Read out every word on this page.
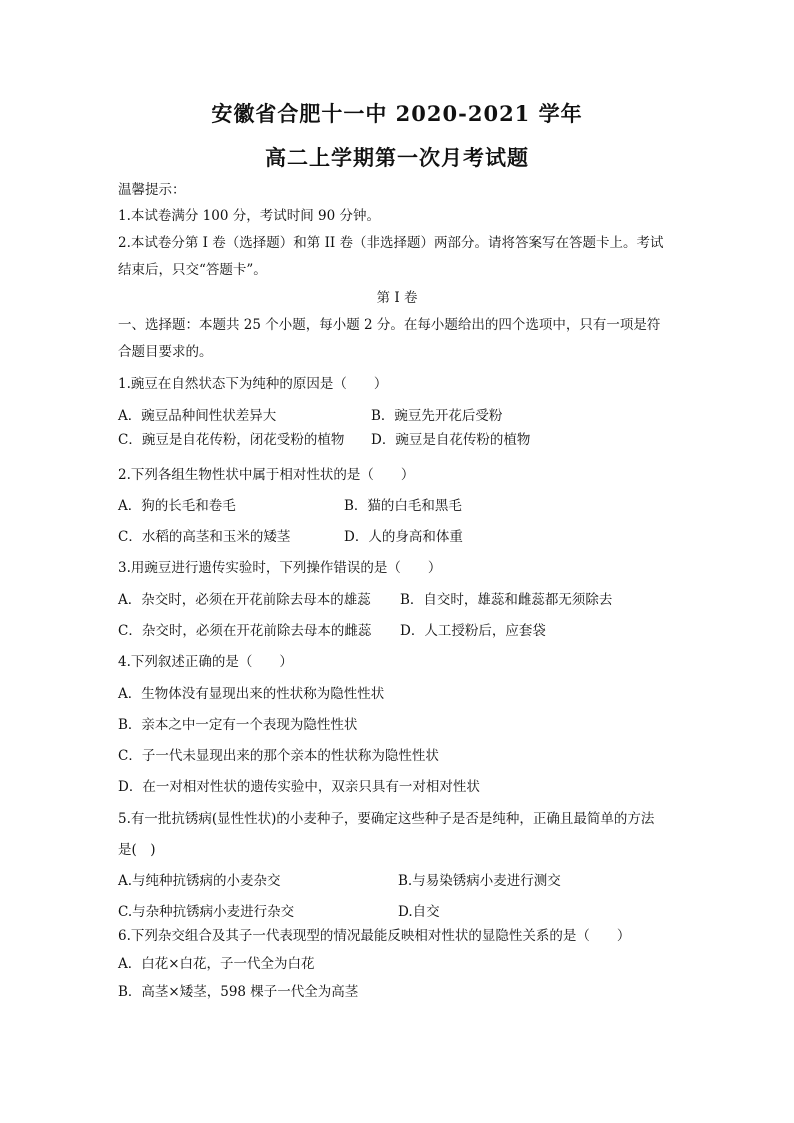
安徽省合肥十一中 2020-2021 学年
高二上学期第一次月考试题
温馨提示：
1.本试卷满分 100 分，考试时间 90 分钟。
2.本试卷分第 I 卷（选择题）和第 II 卷（非选择题）两部分。请将答案写在答题卡上。考试
结束后，只交“答题卡”。
第 I 卷
一、选择题：本题共 25 个小题，每小题 2 分。在每小题给出的四个选项中，只有一项是符
合题目要求的。
1.豌豆在自然状态下为纯种的原因是（　　）
A．豌豆品种间性状差异大	B．豌豆先开花后受粉
C．豌豆是自花传粉，闭花受粉的植物 D．豌豆是自花传粉的植物
2.下列各组生物性状中属于相对性状的是（　　）
A．狗的长毛和卷毛	B．猫的白毛和黑毛
C．水稻的高茎和玉米的矮茎	D．人的身高和体重
3.用豌豆进行遗传实验时，下列操作错误的是（　　）
A．杂交时，必须在开花前除去母本的雄蕊 B．自交时，雄蕊和雌蕊都无须除去
C．杂交时，必须在开花前除去母本的雌蕊 D．人工授粉后，应套袋
4.下列叙述正确的是（　　）
A．生物体没有显现出来的性状称为隐性性状
B．亲本之中一定有一个表现为隐性性状
C．子一代未显现出来的那个亲本的性状称为隐性性状
D．在一对相对性状的遗传实验中，双亲只具有一对相对性状
5.有一批抗锈病(显性性状)的小麦种子，要确定这些种子是否是纯种，正确且最简单的方法
是(　)
A.与纯种抗锈病的小麦杂交	B.与易染锈病小麦进行测交
C.与杂种抗锈病小麦进行杂交	D.自交
6.下列杂交组合及其子一代表现型的情况最能反映相对性状的显隐性关系的是（　　）
A．白花×白花，子一代全为白花
B．高茎×矮茎，598 棵子一代全为高茎
